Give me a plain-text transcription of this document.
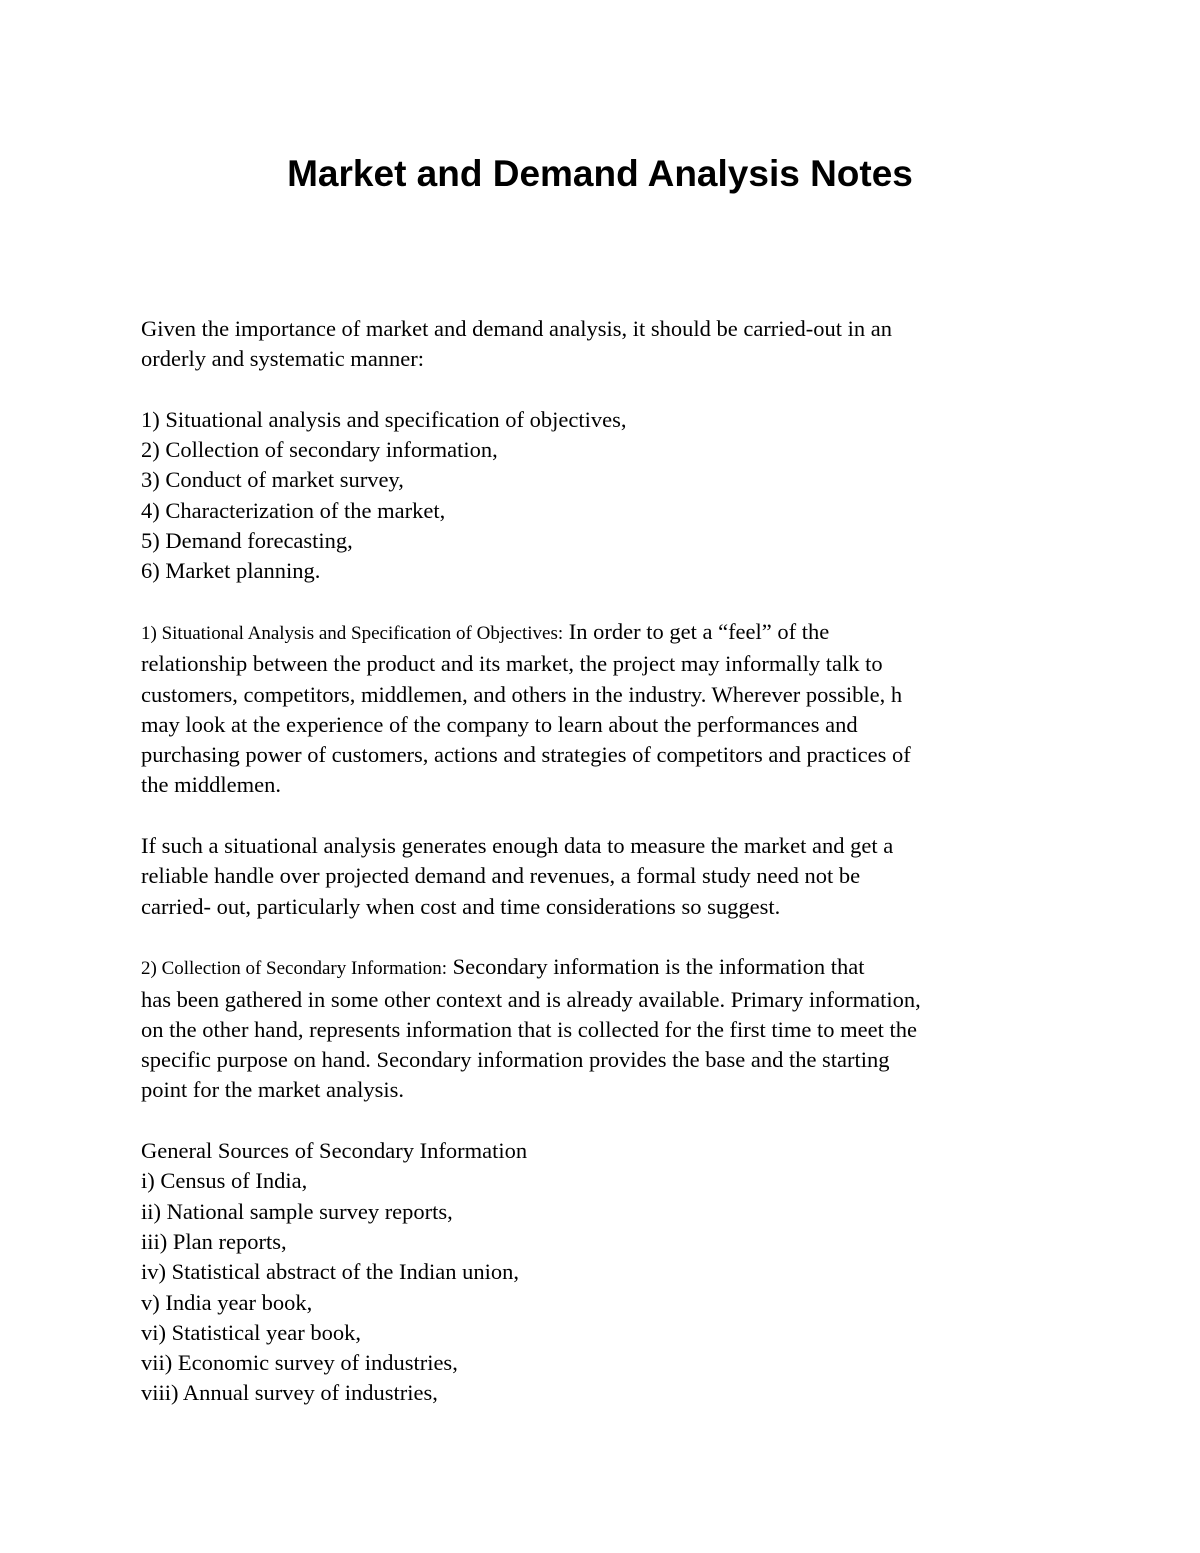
Market and Demand Analysis Notes

Given the importance of market and demand analysis, it should be carried-out in an
orderly and systematic manner:

1) Situational analysis and specification of objectives,
2) Collection of secondary information,
3) Conduct of market survey,
4) Characterization of the market,
5) Demand forecasting,
6) Market planning.

1) Situational Analysis and Specification of Objectives: In order to get a “feel” of the
relationship between the product and its market, the project may informally talk to
customers, competitors, middlemen, and others in the industry. Wherever possible, h
may look at the experience of the company to learn about the performances and
purchasing power of customers, actions and strategies of competitors and practices of
the middlemen.

If such a situational analysis generates enough data to measure the market and get a
reliable handle over projected demand and revenues, a formal study need not be
carried- out, particularly when cost and time considerations so suggest.

2) Collection of Secondary Information: Secondary information is the information that
has been gathered in some other context and is already available. Primary information,
on the other hand, represents information that is collected for the first time to meet the
specific purpose on hand. Secondary information provides the base and the starting
point for the market analysis.

General Sources of Secondary Information
i) Census of India,
ii) National sample survey reports,
iii) Plan reports,
iv) Statistical abstract of the Indian union,
v) India year book,
vi) Statistical year book,
vii) Economic survey of industries,
viii) Annual survey of industries,
